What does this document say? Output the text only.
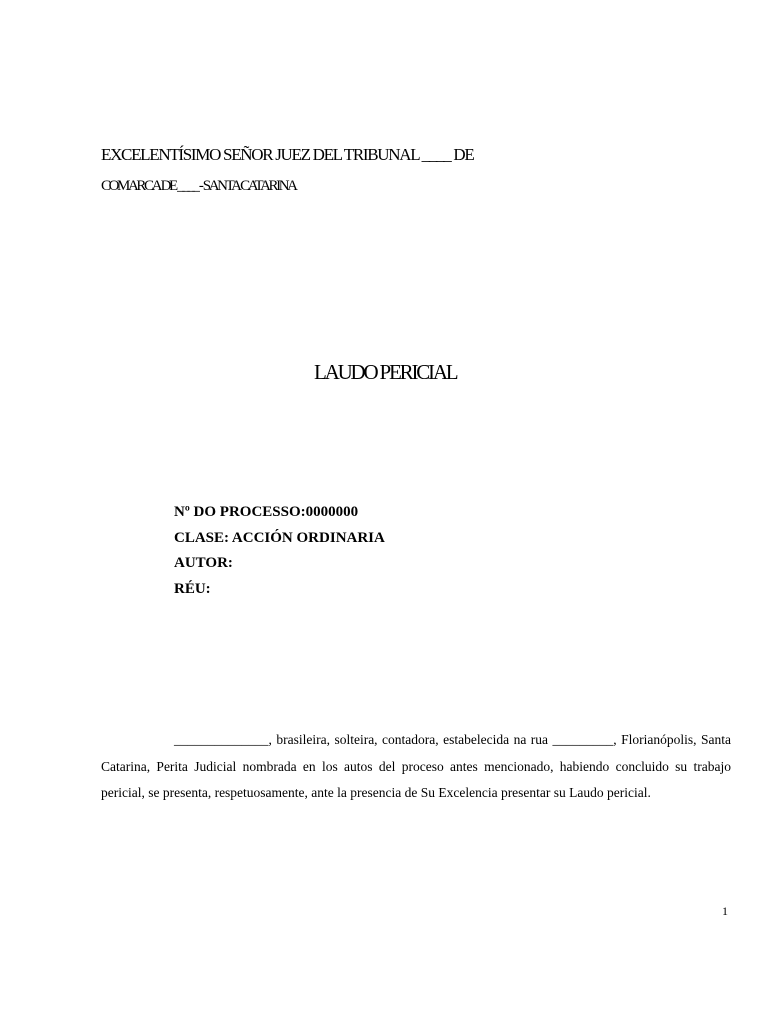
EXCELENTÍSIMO SEÑOR JUEZ DEL TRIBUNAL ____ DE
COMARCA DE ____ - SANTA CATARINA
LAUDO PERICIAL
Nº DO PROCESSO:0000000
CLASE: ACCIÓN ORDINARIA
AUTOR:
RÉU:

______________, brasileira, solteira, contadora, estabelecida na rua _________, Florianópolis, Santa Catarina, Perita Judicial nombrada en los autos del proceso antes mencionado, habiendo concluido su trabajo pericial, se presenta, respetuosamente, ante la presencia de Su Excelencia presentar su Laudo pericial.

1
